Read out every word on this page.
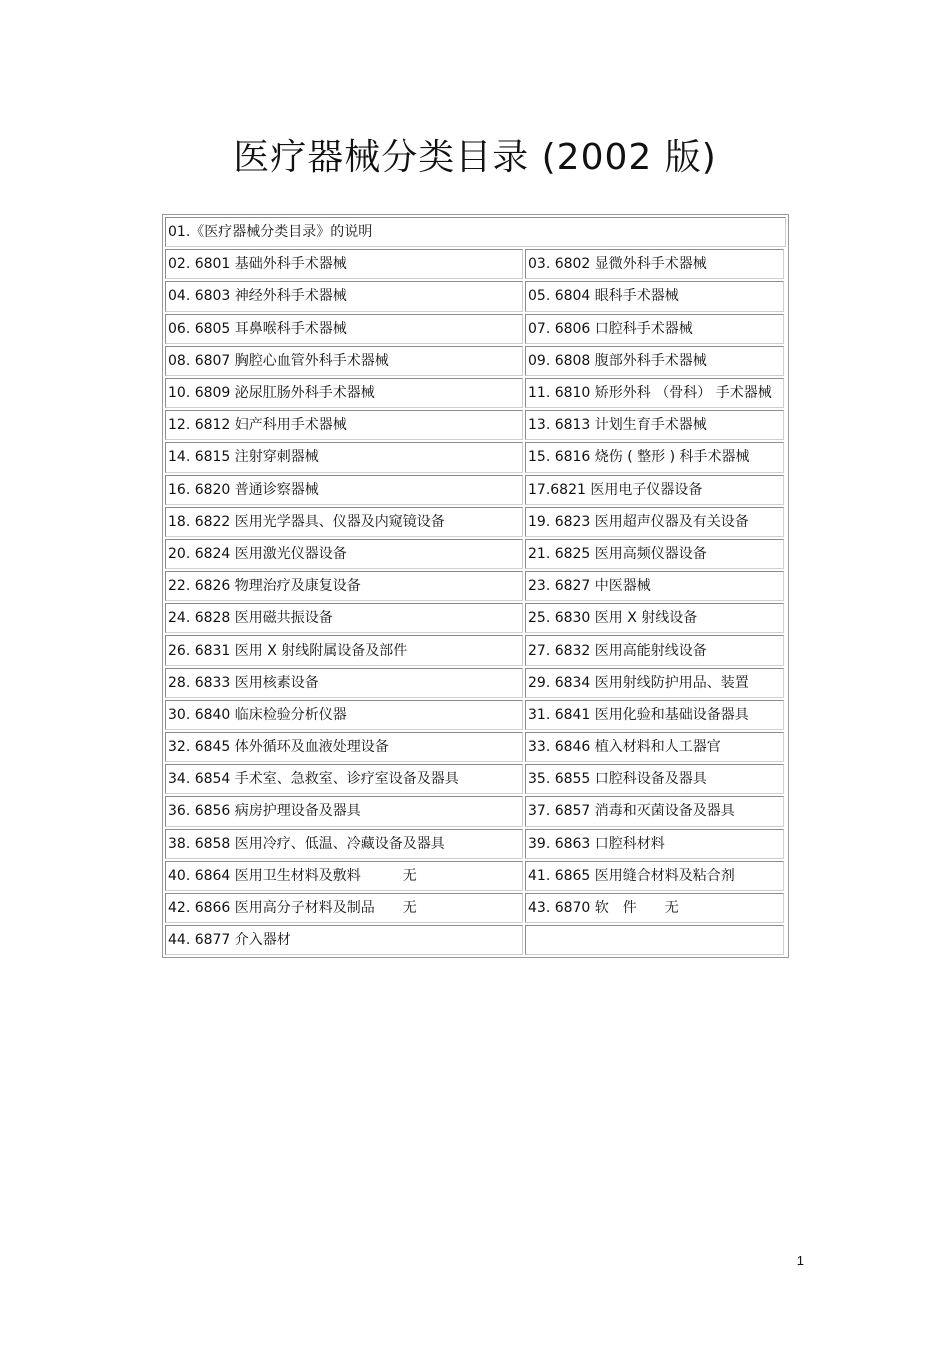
医疗器械分类目录 (2002 版)
01.《医疗器械分类目录》的说明
02. 6801 基础外科手术器械	03. 6802 显微外科手术器械
04. 6803 神经外科手术器械	05. 6804 眼科手术器械
06. 6805 耳鼻喉科手术器械	07. 6806 口腔科手术器械
08. 6807 胸腔心血管外科手术器械	09. 6808 腹部外科手术器械
10. 6809 泌尿肛肠外科手术器械	11. 6810 矫形外科 （骨科） 手术器械
12. 6812 妇产科用手术器械	13. 6813 计划生育手术器械
14. 6815 注射穿刺器械	15. 6816 烧伤 ( 整形 ) 科手术器械
16. 6820 普通诊察器械	17.6821 医用电子仪器设备
18. 6822 医用光学器具、仪器及内窥镜设备	19. 6823 医用超声仪器及有关设备
20. 6824 医用激光仪器设备	21. 6825 医用高频仪器设备
22. 6826 物理治疗及康复设备	23. 6827 中医器械
24. 6828 医用磁共振设备	25. 6830 医用 X 射线设备
26. 6831 医用 X 射线附属设备及部件	27. 6832 医用高能射线设备
28. 6833 医用核素设备	29. 6834 医用射线防护用品、装置
30. 6840 临床检验分析仪器	31. 6841 医用化验和基础设备器具
32. 6845 体外循环及血液处理设备	33. 6846 植入材料和人工器官
34. 6854 手术室、急救室、诊疗室设备及器具	35. 6855 口腔科设备及器具
36. 6856 病房护理设备及器具	37. 6857 消毒和灭菌设备及器具
38. 6858 医用冷疗、低温、冷藏设备及器具	39. 6863 口腔科材料
40. 6864 医用卫生材料及敷料　　　无	41. 6865 医用缝合材料及粘合剂
42. 6866 医用高分子材料及制品　　无	43. 6870 软　件　　无
44. 6877 介入器材
1
